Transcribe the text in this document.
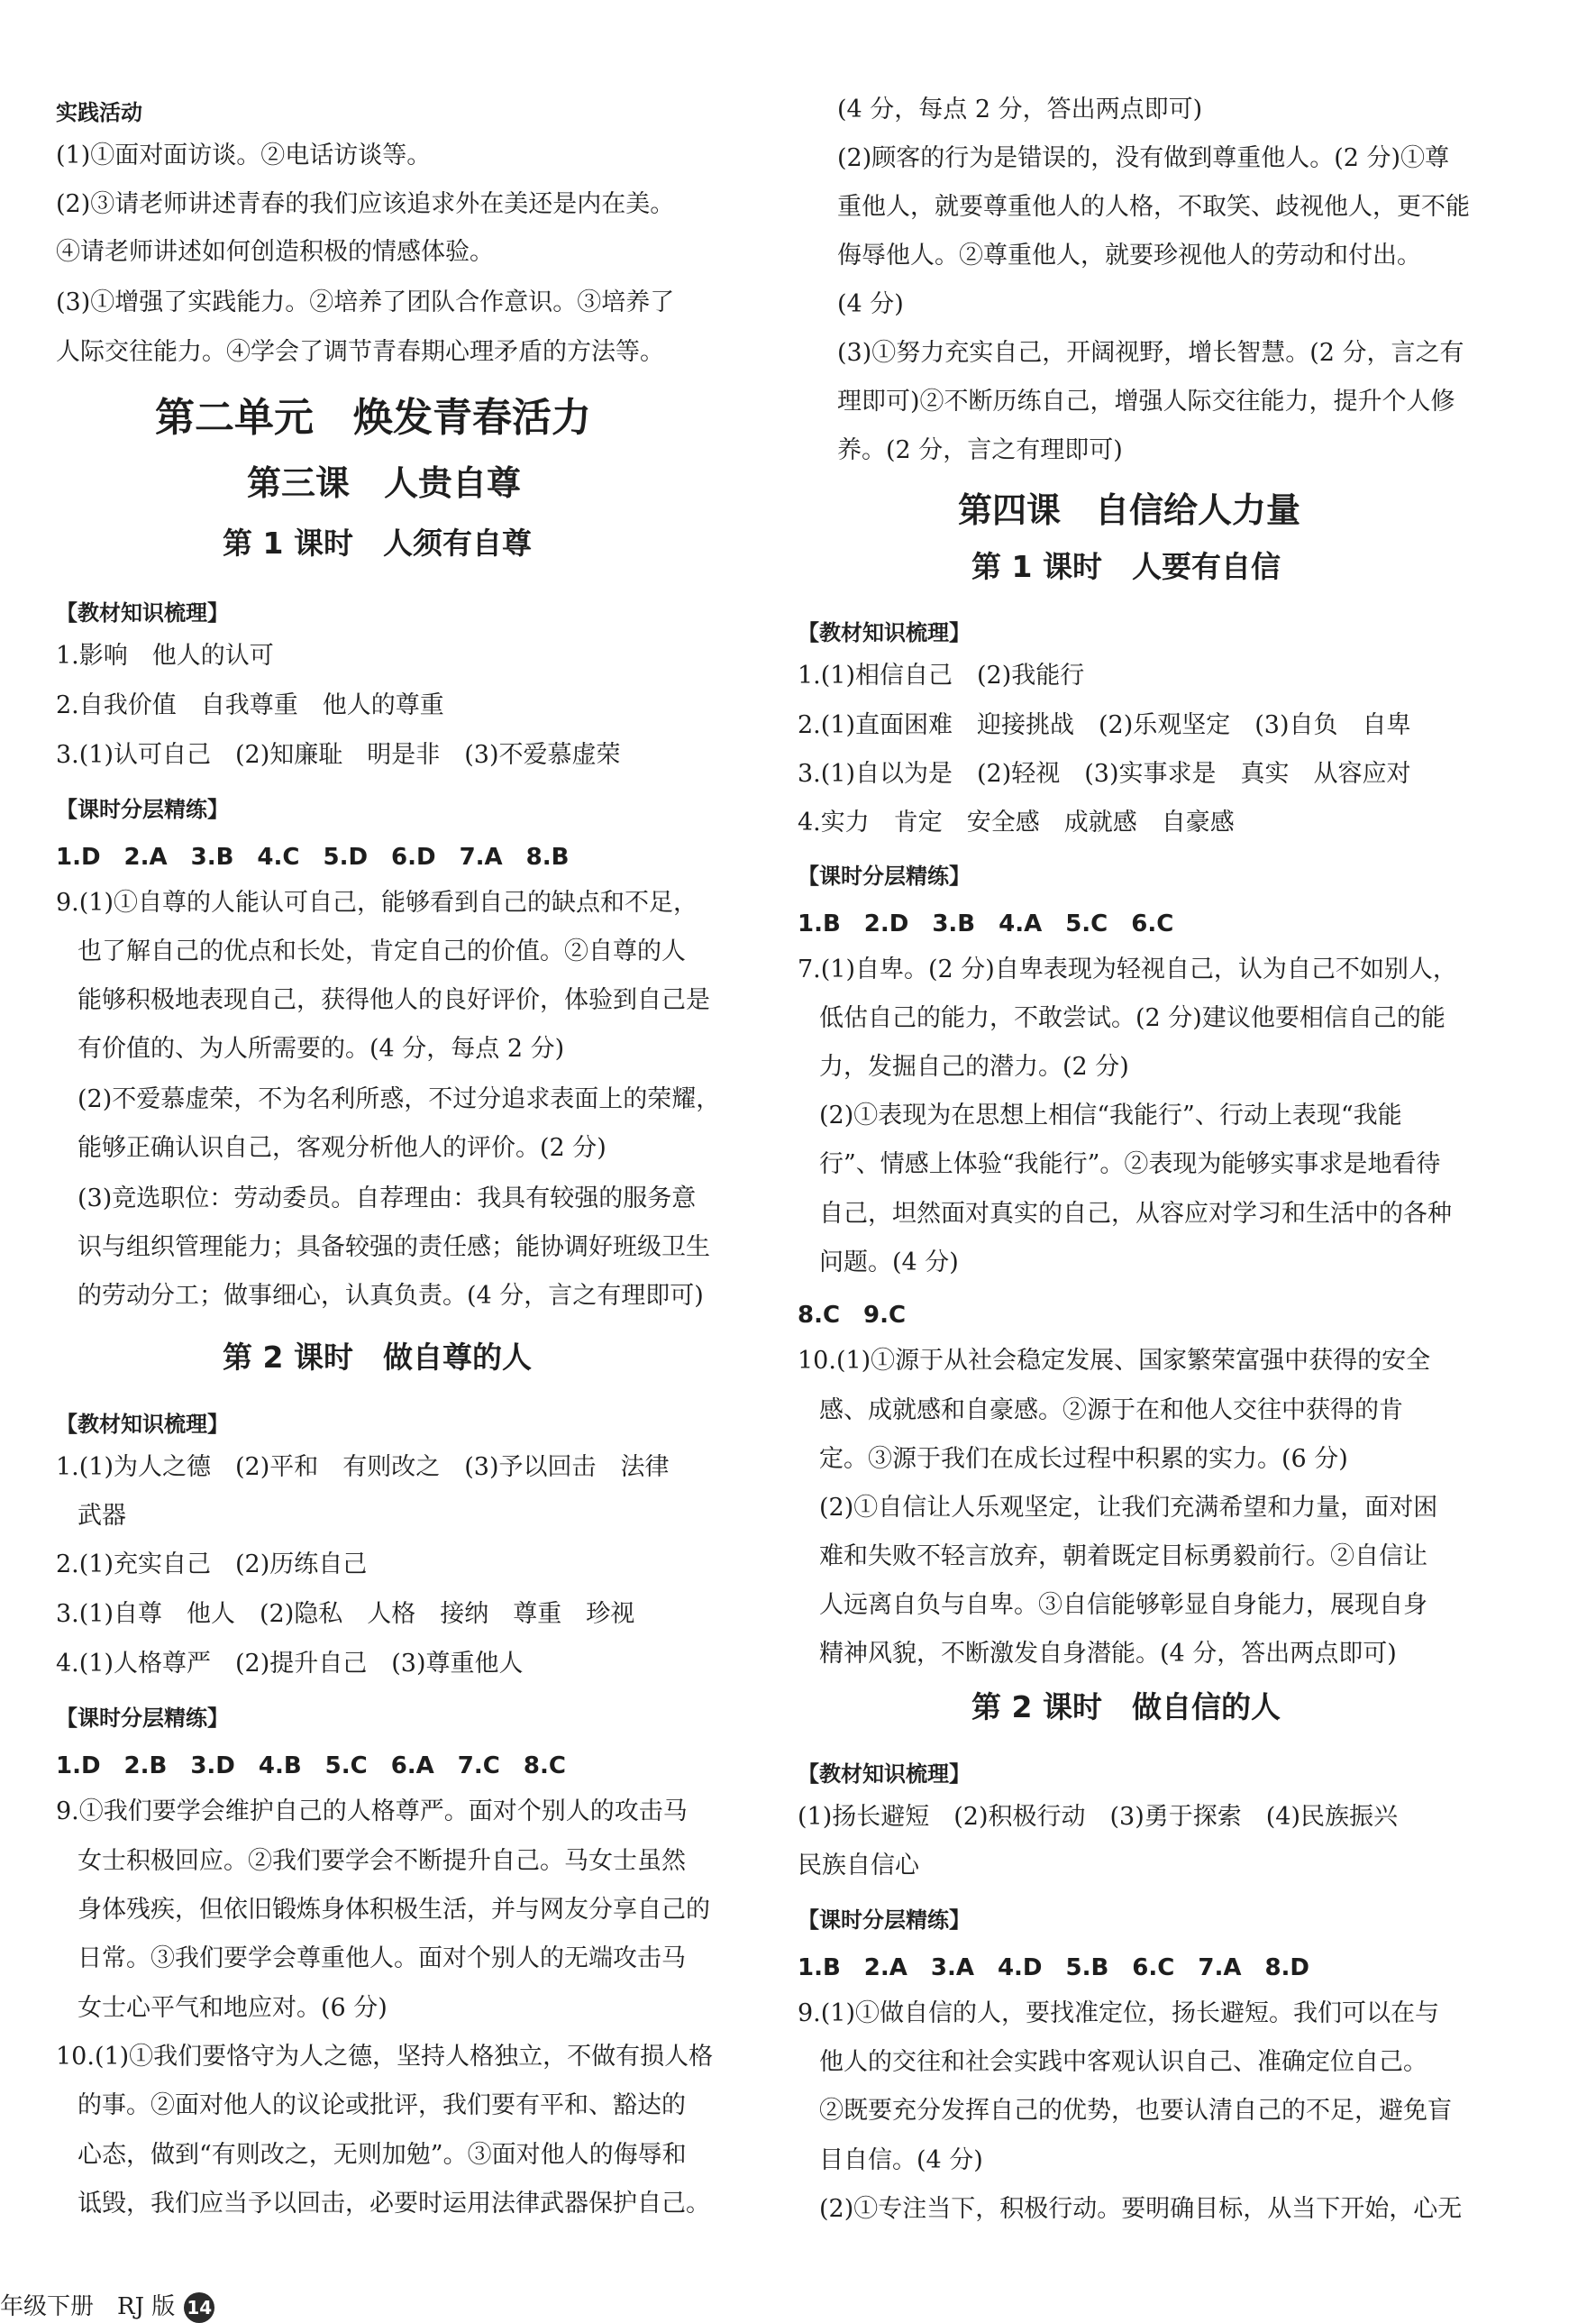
实践活动
(1)①面对面访谈。②电话访谈等。
(2)③请老师讲述青春的我们应该追求外在美还是内在美。
④请老师讲述如何创造积极的情感体验。
(3)①增强了实践能力。②培养了团队合作意识。③培养了
人际交往能力。④学会了调节青春期心理矛盾的方法等。
第二单元　焕发青春活力
第三课　人贵自尊
第 1 课时　人须有自尊
【教材知识梳理】
1.影响　他人的认可
2.自我价值　自我尊重　他人的尊重
3.(1)认可自己　(2)知廉耻　明是非　(3)不爱慕虚荣
【课时分层精练】
1.D　2.A　3.B　4.C　5.D　6.D　7.A　8.B
9.(1)①自尊的人能认可自己，能够看到自己的缺点和不足，
也了解自己的优点和长处，肯定自己的价值。②自尊的人
能够积极地表现自己，获得他人的良好评价，体验到自己是
有价值的、为人所需要的。(4 分，每点 2 分)
(2)不爱慕虚荣，不为名利所惑，不过分追求表面上的荣耀，
能够正确认识自己，客观分析他人的评价。(2 分)
(3)竞选职位：劳动委员。自荐理由：我具有较强的服务意
识与组织管理能力；具备较强的责任感；能协调好班级卫生
的劳动分工；做事细心，认真负责。(4 分，言之有理即可)
第 2 课时　做自尊的人
【教材知识梳理】
1.(1)为人之德　(2)平和　有则改之　(3)予以回击　法律
武器
2.(1)充实自己　(2)历练自己
3.(1)自尊　他人　(2)隐私　人格　接纳　尊重　珍视
4.(1)人格尊严　(2)提升自己　(3)尊重他人
【课时分层精练】
1.D　2.B　3.D　4.B　5.C　6.A　7.C　8.C
9.①我们要学会维护自己的人格尊严。面对个别人的攻击马
女士积极回应。②我们要学会不断提升自己。马女士虽然
身体残疾，但依旧锻炼身体积极生活，并与网友分享自己的
日常。③我们要学会尊重他人。面对个别人的无端攻击马
女士心平气和地应对。(6 分)
10.(1)①我们要恪守为人之德，坚持人格独立，不做有损人格
的事。②面对他人的议论或批评，我们要有平和、豁达的
心态，做到“有则改之，无则加勉”。③面对他人的侮辱和
诋毁，我们应当予以回击，必要时运用法律武器保护自己。
年级下册　RJ 版 14
(4 分，每点 2 分，答出两点即可)
(2)顾客的行为是错误的，没有做到尊重他人。(2 分)①尊
重他人，就要尊重他人的人格，不取笑、歧视他人，更不能
侮辱他人。②尊重他人，就要珍视他人的劳动和付出。
(4 分)
(3)①努力充实自己，开阔视野，增长智慧。(2 分，言之有
理即可)②不断历练自己，增强人际交往能力，提升个人修
养。(2 分，言之有理即可)
第四课　自信给人力量
第 1 课时　人要有自信
【教材知识梳理】
1.(1)相信自己　(2)我能行
2.(1)直面困难　迎接挑战　(2)乐观坚定　(3)自负　自卑
3.(1)自以为是　(2)轻视　(3)实事求是　真实　从容应对
4.实力　肯定　安全感　成就感　自豪感
【课时分层精练】
1.B　2.D　3.B　4.A　5.C　6.C
7.(1)自卑。(2 分)自卑表现为轻视自己，认为自己不如别人，
低估自己的能力，不敢尝试。(2 分)建议他要相信自己的能
力，发掘自己的潜力。(2 分)
(2)①表现为在思想上相信“我能行”、行动上表现“我能
行”、情感上体验“我能行”。②表现为能够实事求是地看待
自己，坦然面对真实的自己，从容应对学习和生活中的各种
问题。(4 分)
8.C　9.C
10.(1)①源于从社会稳定发展、国家繁荣富强中获得的安全
感、成就感和自豪感。②源于在和他人交往中获得的肯
定。③源于我们在成长过程中积累的实力。(6 分)
(2)①自信让人乐观坚定，让我们充满希望和力量，面对困
难和失败不轻言放弃，朝着既定目标勇毅前行。②自信让
人远离自负与自卑。③自信能够彰显自身能力，展现自身
精神风貌，不断激发自身潜能。(4 分，答出两点即可)
第 2 课时　做自信的人
【教材知识梳理】
(1)扬长避短　(2)积极行动　(3)勇于探索　(4)民族振兴
民族自信心
【课时分层精练】
1.B　2.A　3.A　4.D　5.B　6.C　7.A　8.D
9.(1)①做自信的人，要找准定位，扬长避短。我们可以在与
他人的交往和社会实践中客观认识自己、准确定位自己。
②既要充分发挥自己的优势，也要认清自己的不足，避免盲
目自信。(4 分)
(2)①专注当下，积极行动。要明确目标，从当下开始，心无
